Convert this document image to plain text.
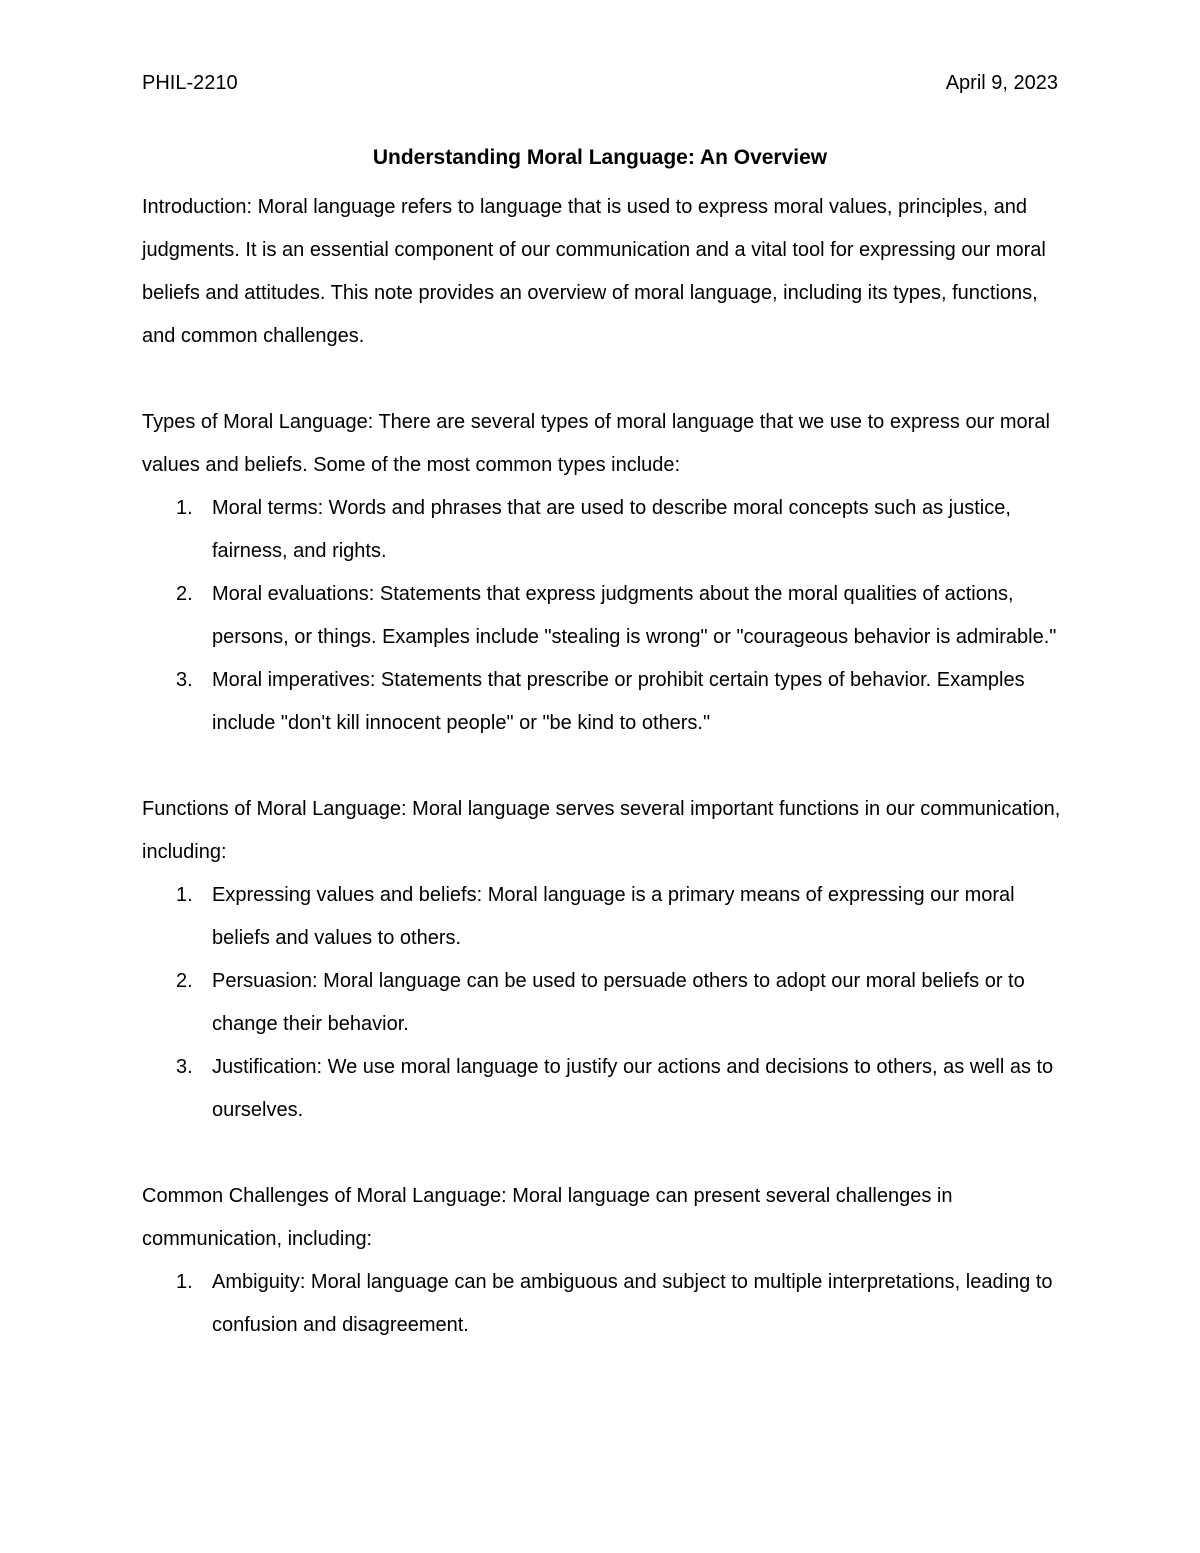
PHIL-2210	April 9, 2023
Understanding Moral Language: An Overview

Introduction: Moral language refers to language that is used to express moral values, principles, and judgments. It is an essential component of our communication and a vital tool for expressing our moral beliefs and attitudes. This note provides an overview of moral language, including its types, functions, and common challenges.

Types of Moral Language: There are several types of moral language that we use to express our moral values and beliefs. Some of the most common types include:

1. Moral terms: Words and phrases that are used to describe moral concepts such as justice, fairness, and rights.
2. Moral evaluations: Statements that express judgments about the moral qualities of actions, persons, or things. Examples include "stealing is wrong" or "courageous behavior is admirable."
3. Moral imperatives: Statements that prescribe or prohibit certain types of behavior. Examples include "don't kill innocent people" or "be kind to others."

Functions of Moral Language: Moral language serves several important functions in our communication, including:

1. Expressing values and beliefs: Moral language is a primary means of expressing our moral beliefs and values to others.
2. Persuasion: Moral language can be used to persuade others to adopt our moral beliefs or to change their behavior.
3. Justification: We use moral language to justify our actions and decisions to others, as well as to ourselves.

Common Challenges of Moral Language: Moral language can present several challenges in communication, including:

1. Ambiguity: Moral language can be ambiguous and subject to multiple interpretations, leading to confusion and disagreement.
